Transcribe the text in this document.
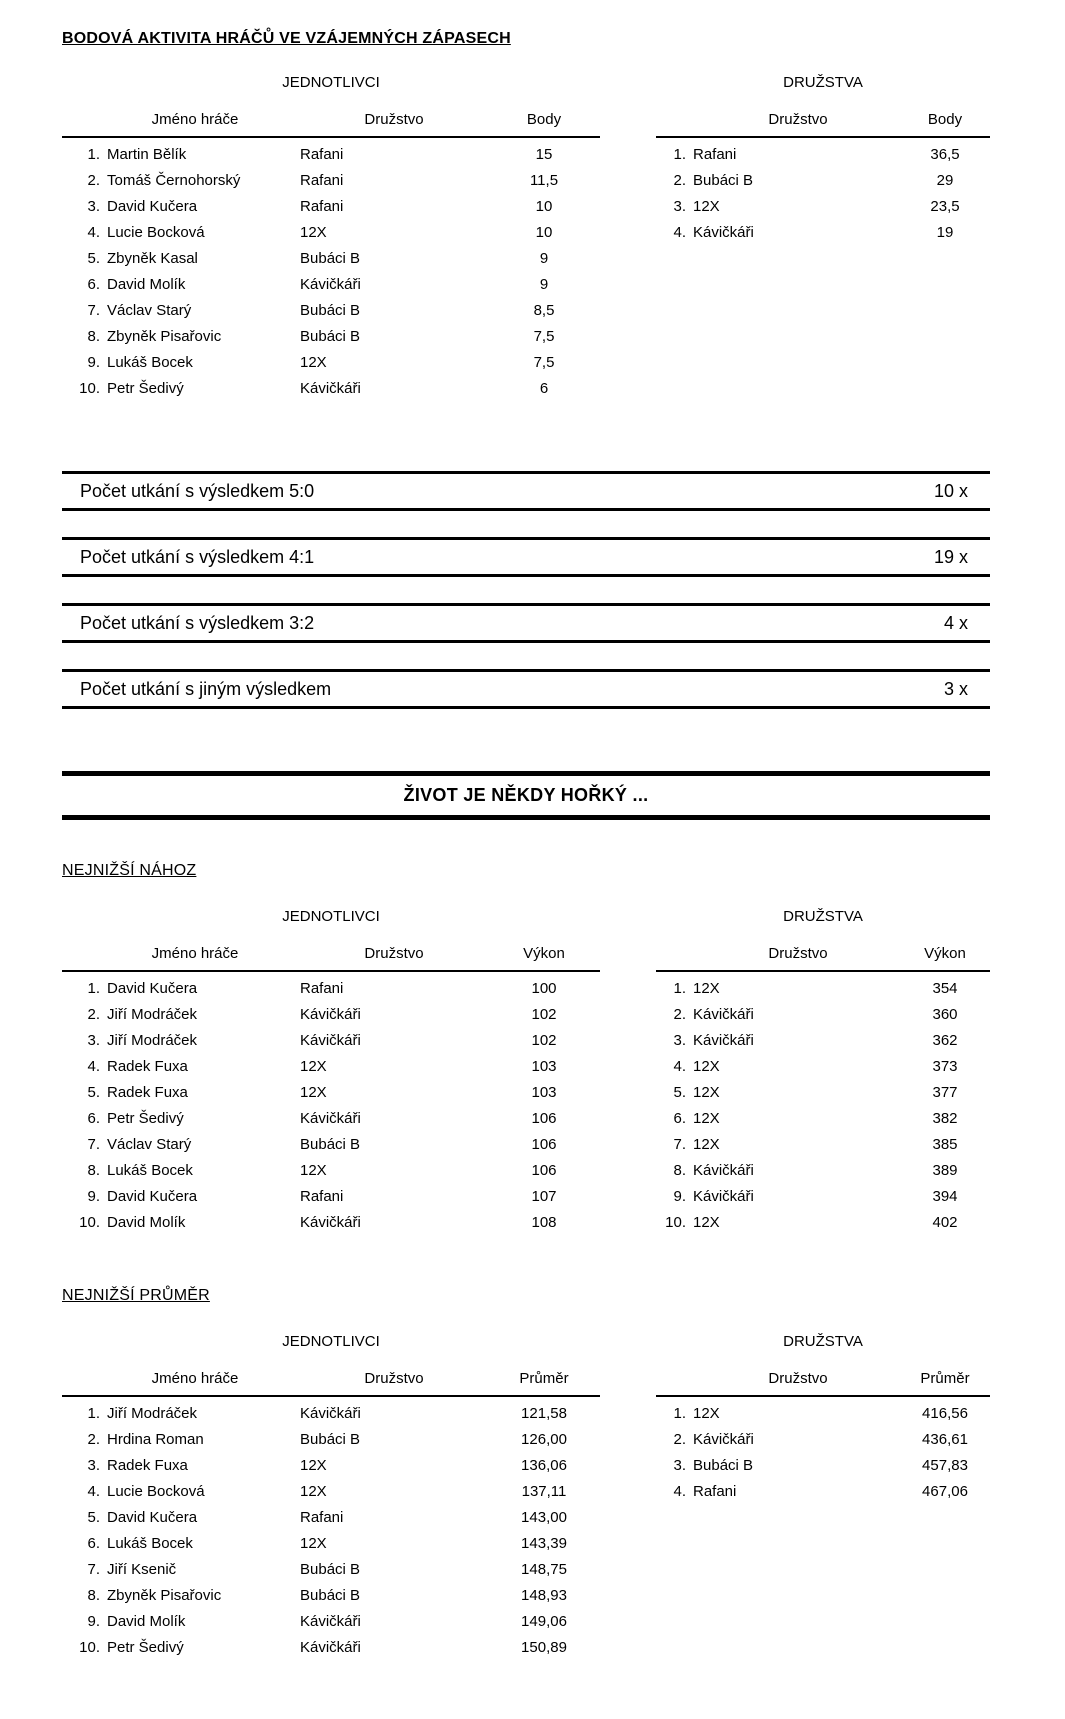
BODOVÁ AKTIVITA HRÁČŮ VE VZÁJEMNÝCH ZÁPASECH
JEDNOTLIVCI
Jméno hráče	Družstvo	Body
1. Martin Bělík	Rafani	15
2. Tomáš Černohorský	Rafani	11,5
3. David Kučera	Rafani	10
4. Lucie Bocková	12X	10
5. Zbyněk Kasal	Bubáci B	9
6. David Molík	Kávičkáři	9
7. Václav Starý	Bubáci B	8,5
8. Zbyněk Pisařovic	Bubáci B	7,5
9. Lukáš Bocek	12X	7,5
10. Petr Šedivý	Kávičkáři	6
DRUŽSTVA
Družstvo	Body
1. Rafani	36,5
2. Bubáci B	29
3. 12X	23,5
4. Kávičkáři	19
Počet utkání s výsledkem 5:0	10 x
Počet utkání s výsledkem 4:1	19 x
Počet utkání s výsledkem 3:2	4 x
Počet utkání s jiným výsledkem	3 x
ŽIVOT JE NĚKDY HOŘKÝ ...
NEJNIŽŠÍ NÁHOZ
JEDNOTLIVCI
Jméno hráče	Družstvo	Výkon
1. David Kučera	Rafani	100
2. Jiří Modráček	Kávičkáři	102
3. Jiří Modráček	Kávičkáři	102
4. Radek Fuxa	12X	103
5. Radek Fuxa	12X	103
6. Petr Šedivý	Kávičkáři	106
7. Václav Starý	Bubáci B	106
8. Lukáš Bocek	12X	106
9. David Kučera	Rafani	107
10. David Molík	Kávičkáři	108
DRUŽSTVA
Družstvo	Výkon
1. 12X	354
2. Kávičkáři	360
3. Kávičkáři	362
4. 12X	373
5. 12X	377
6. 12X	382
7. 12X	385
8. Kávičkáři	389
9. Kávičkáři	394
10. 12X	402
NEJNIŽŠÍ PRŮMĚR
JEDNOTLIVCI
Jméno hráče	Družstvo	Průměr
1. Jiří Modráček	Kávičkáři	121,58
2. Hrdina Roman	Bubáci B	126,00
3. Radek Fuxa	12X	136,06
4. Lucie Bocková	12X	137,11
5. David Kučera	Rafani	143,00
6. Lukáš Bocek	12X	143,39
7. Jiří Ksenič	Bubáci B	148,75
8. Zbyněk Pisařovic	Bubáci B	148,93
9. David Molík	Kávičkáři	149,06
10. Petr Šedivý	Kávičkáři	150,89
DRUŽSTVA
Družstvo	Průměr
1. 12X	416,56
2. Kávičkáři	436,61
3. Bubáci B	457,83
4. Rafani	467,06
